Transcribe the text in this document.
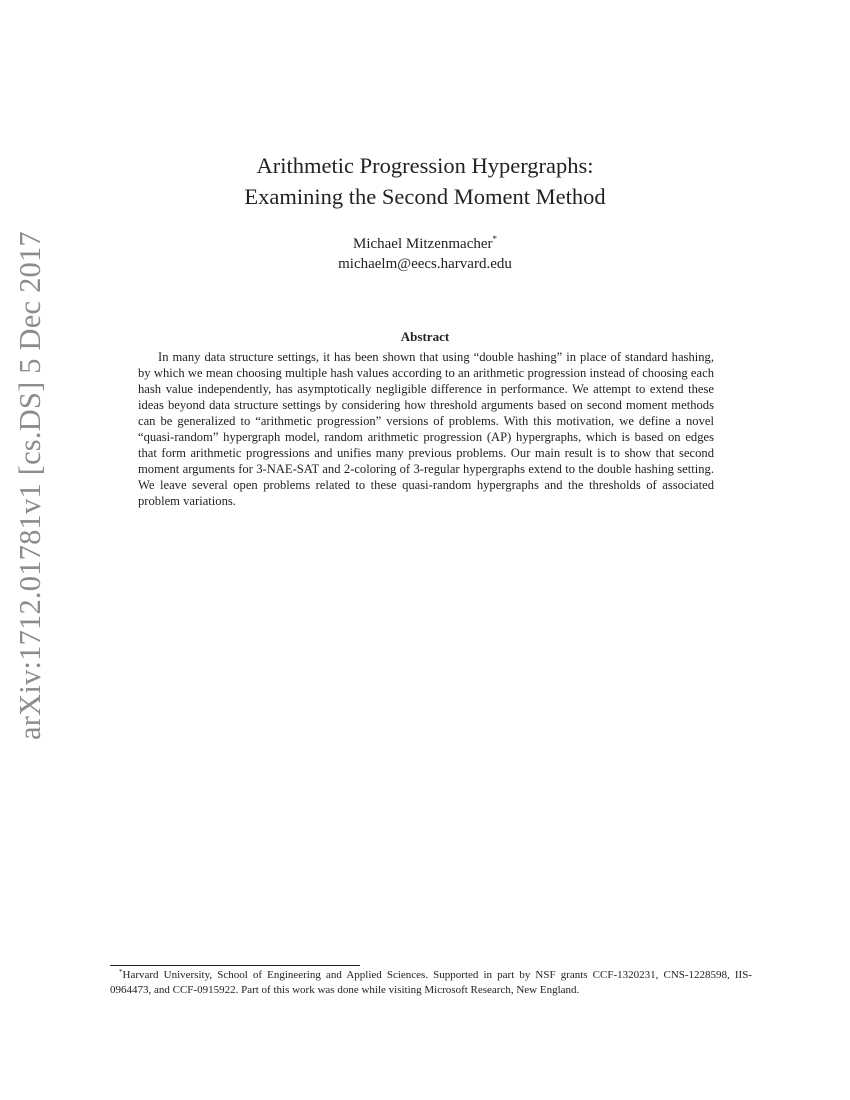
arXiv:1712.01781v1 [cs.DS] 5 Dec 2017
Arithmetic Progression Hypergraphs:
Examining the Second Moment Method
Michael Mitzenmacher*
michaelm@eecs.harvard.edu
Abstract

In many data structure settings, it has been shown that using “double hashing” in place of standard hashing, by which we mean choosing multiple hash values according to an arithmetic progression instead of choosing each hash value independently, has asymptotically negligible difference in performance. We attempt to extend these ideas beyond data structure settings by considering how threshold arguments based on second moment methods can be generalized to “arithmetic progression” versions of problems. With this motivation, we define a novel “quasi-random” hypergraph model, random arithmetic progression (AP) hypergraphs, which is based on edges that form arithmetic progressions and unifies many previous problems. Our main result is to show that second moment arguments for 3-NAE-SAT and 2-coloring of 3-regular hypergraphs extend to the double hashing setting. We leave several open problems related to these quasi-random hypergraphs and the thresholds of associated problem variations.

*Harvard University, School of Engineering and Applied Sciences. Supported in part by NSF grants CCF-1320231, CNS-1228598, IIS-0964473, and CCF-0915922. Part of this work was done while visiting Microsoft Research, New England.
